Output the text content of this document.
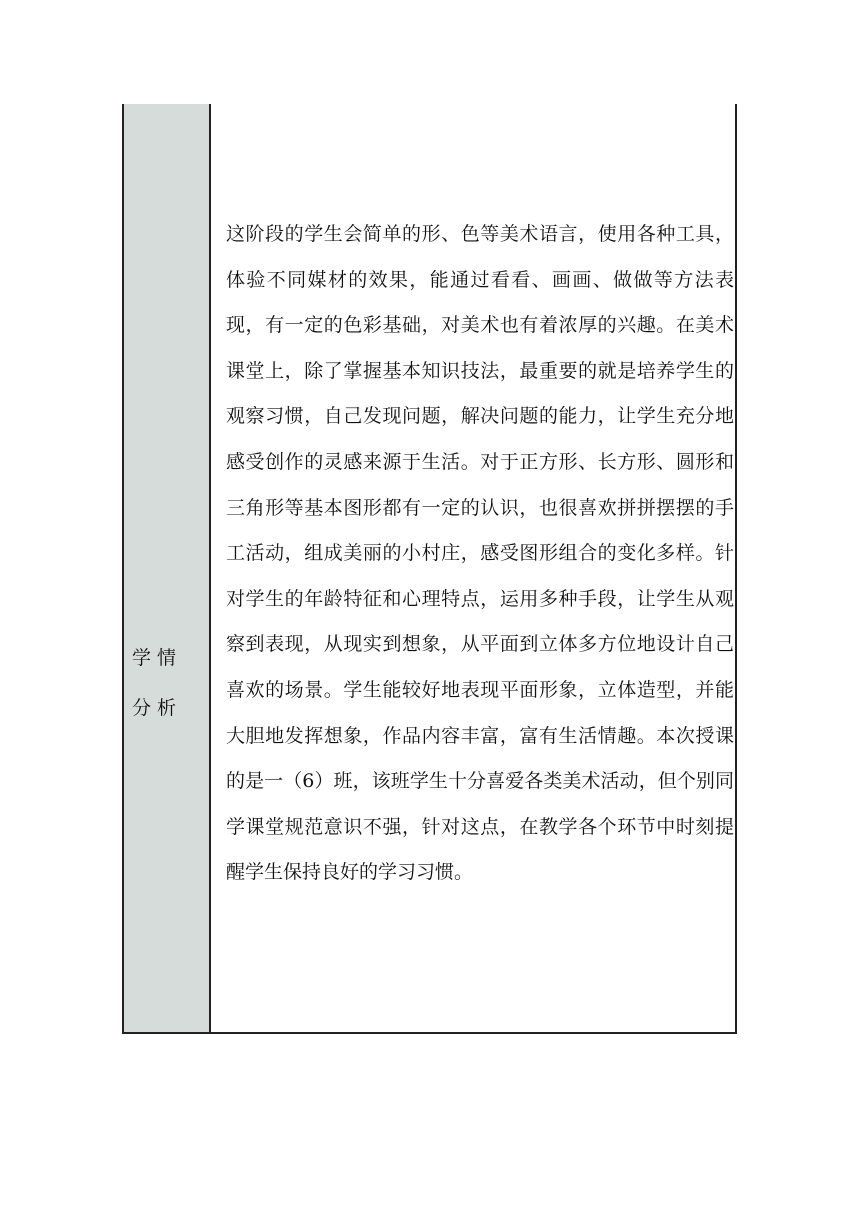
学情分析

这阶段的学生会简单的形、色等美术语言，使用各种工具，体验不同媒材的效果，能通过看看、画画、做做等方法表现，有一定的色彩基础，对美术也有着浓厚的兴趣。在美术课堂上，除了掌握基本知识技法，最重要的就是培养学生的观察习惯，自己发现问题，解决问题的能力，让学生充分地感受创作的灵感来源于生活。对于正方形、长方形、圆形和三角形等基本图形都有一定的认识，也很喜欢拼拼摆摆的手工活动，组成美丽的小村庄，感受图形组合的变化多样。针对学生的年龄特征和心理特点，运用多种手段，让学生从观察到表现，从现实到想象，从平面到立体多方位地设计自己喜欢的场景。学生能较好地表现平面形象，立体造型，并能大胆地发挥想象，作品内容丰富，富有生活情趣。本次授课的是一（6）班，该班学生十分喜爱各类美术活动，但个别同学课堂规范意识不强，针对这点，在教学各个环节中时刻提醒学生保持良好的学习习惯。
